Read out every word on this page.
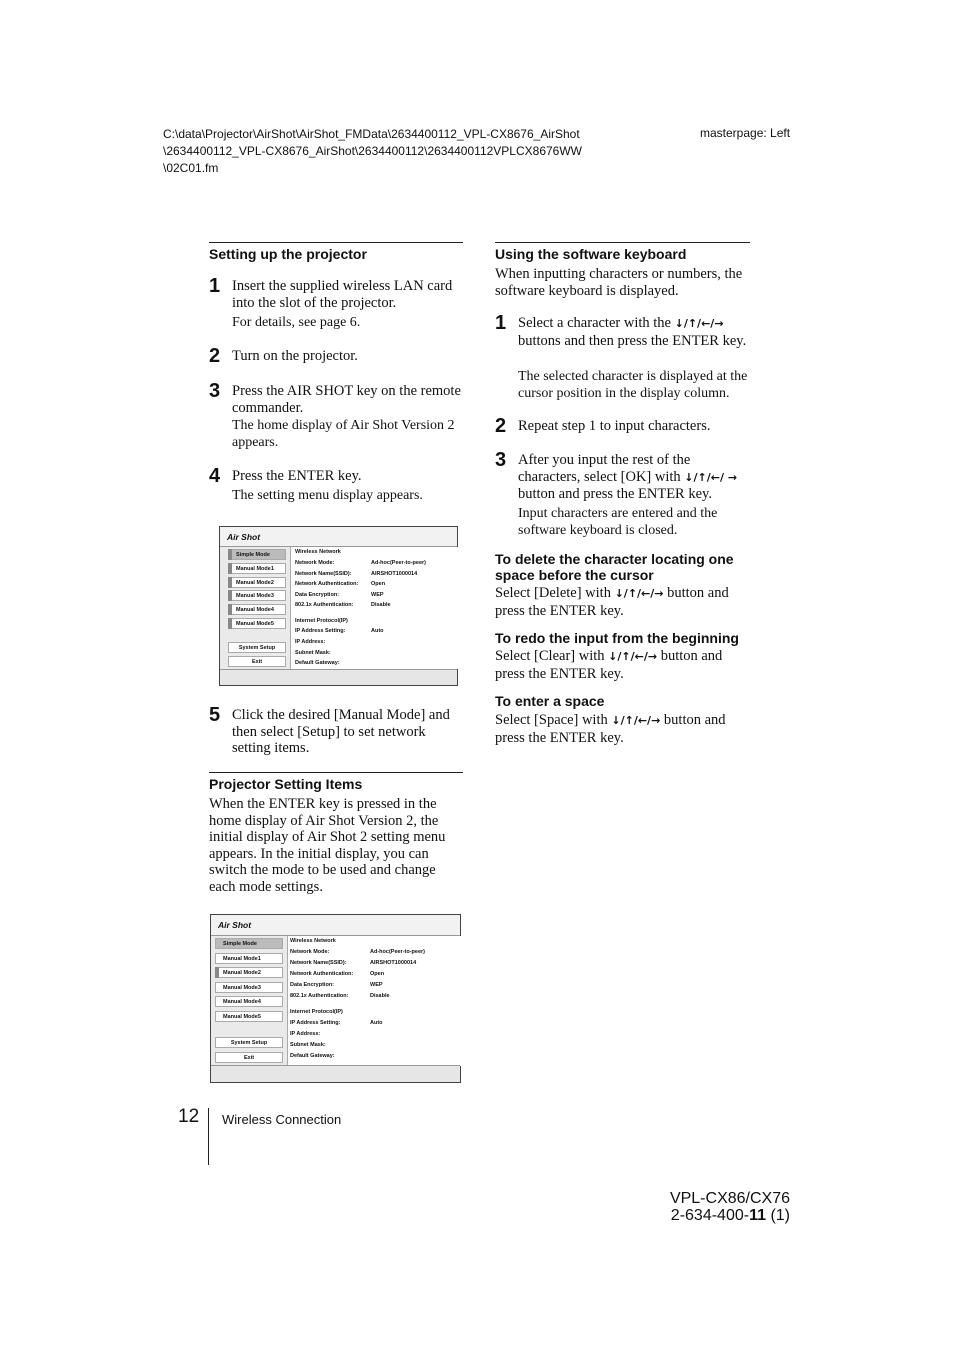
C:\data\Projector\AirShot\AirShot_FMData\2634400112_VPL-CX8676_AirShot\2634400112_VPL-CX8676_AirShot\2634400112\2634400112VPLCX8676WW\02C01.fm
masterpage: Left
Setting up the projector
1 Insert the supplied wireless LAN card into the slot of the projector.
For details, see page 6.
2 Turn on the projector.
3 Press the AIR SHOT key on the remote commander.
The home display of Air Shot Version 2 appears.
4 Press the ENTER key.
The setting menu display appears.
Air Shot
Simple Mode
Manual Mode1
Manual Mode2
Manual Mode3
Manual Mode4
Manual Mode5
System Setup
Exit
Wireless Network
Network Mode:	Ad-hoc(Peer-to-peer)
Network Name(SSID):	AIRSHOT1000014
Network Authentication: Open
Data Encryption:	WEP
802.1x Authentication:	Disable
Internet Protocol(IP)
IP Address Setting:	Auto
IP Address:
Subnet Mask:
Default Gateway:
5 Click the desired [Manual Mode] and then select [Setup] to set network setting items.
Projector Setting Items
When the ENTER key is pressed in the home display of Air Shot Version 2, the initial display of Air Shot 2 setting menu appears. In the initial display, you can switch the mode to be used and change each mode settings.
Air Shot
Simple Mode
Manual Mode1
Manual Mode2
Manual Mode3
Manual Mode4
Manual Mode5
System Setup
Exit
Wireless Network
Network Mode:	Ad-hoc(Peer-to-peer)
Network Name(SSID):	AIRSHOT1000014
Network Authentication:	Open
Data Encryption:	WEP
802.1x Authentication:	Disable
Internet Protocol(IP)
IP Address Setting:	Auto
IP Address:
Subnet Mask:
Default Gateway:
Using the software keyboard
When inputting characters or numbers, the software keyboard is displayed.
1 Select a character with the ↓/↑/←/→ buttons and then press the ENTER key.
The selected character is displayed at the cursor position in the display column.
2 Repeat step 1 to input characters.
3 After you input the rest of the characters, select [OK] with ↓/↑/←/ → button and press the ENTER key.
Input characters are entered and the software keyboard is closed.
To delete the character locating one space before the cursor
Select [Delete] with ↓/↑/←/→ button and press the ENTER key.
To redo the input from the beginning
Select [Clear] with ↓/↑/←/→ button and press the ENTER key.
To enter a space
Select [Space] with ↓/↑/←/→ button and press the ENTER key.
12 Wireless Connection
VPL-CX86/CX76
2-634-400-11 (1)
